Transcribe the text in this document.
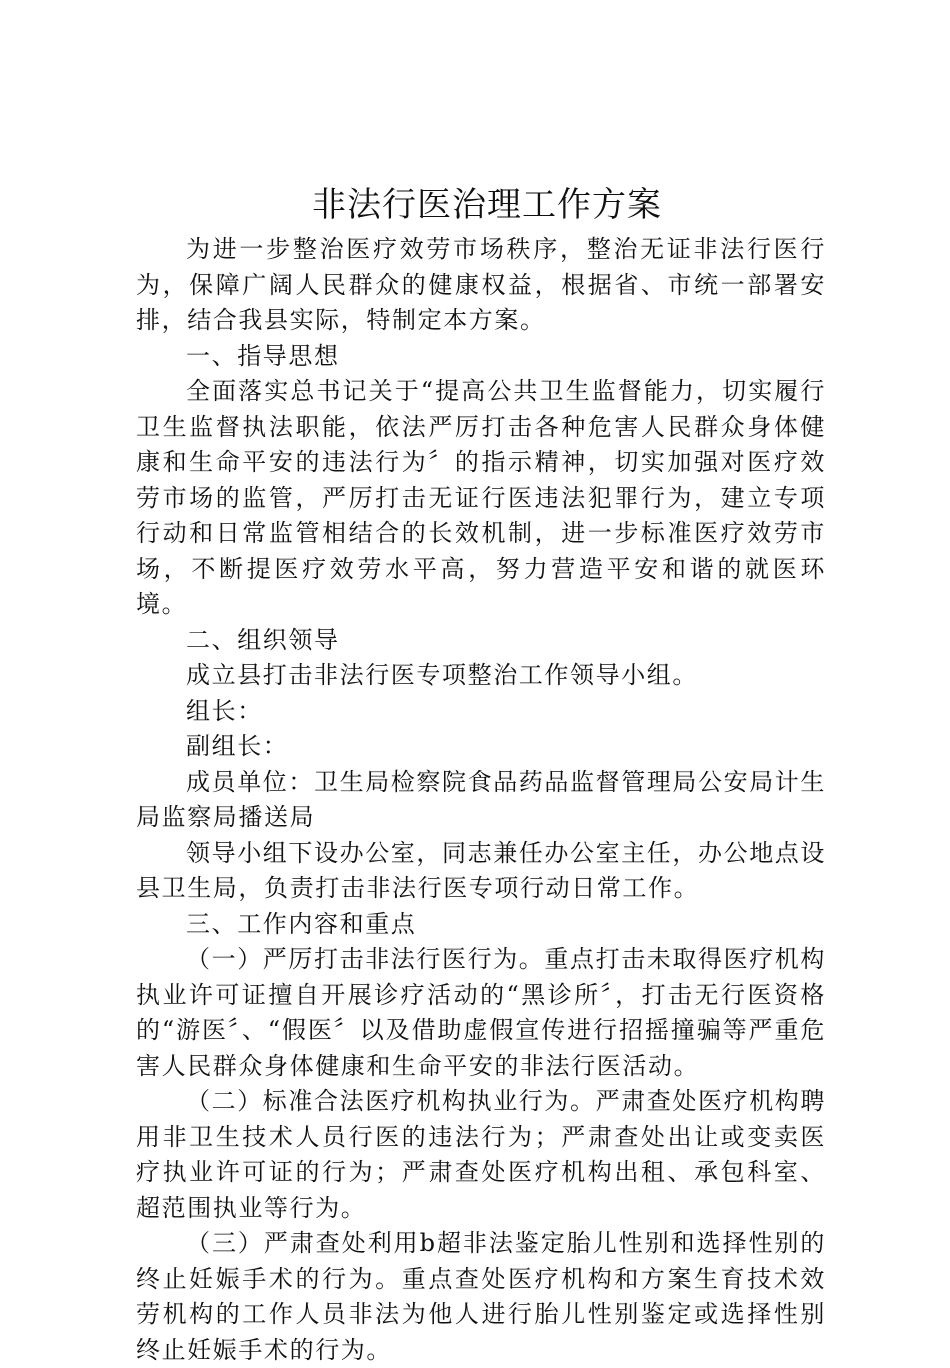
非法行医治理工作方案

为进一步整治医疗效劳市场秩序，整治无证非法行医行为，保障广阔人民群众的健康权益，根据省、市统一部署安排，结合我县实际，特制定本方案。

一、指导思想

全面落实总书记关于“提高公共卫生监督能力，切实履行卫生监督执法职能，依法严厉打击各种危害人民群众身体健康和生命平安的违法行为〞的指示精神，切实加强对医疗效劳市场的监管，严厉打击无证行医违法犯罪行为，建立专项行动和日常监管相结合的长效机制，进一步标准医疗效劳市场，不断提医疗效劳水平高，努力营造平安和谐的就医环境。

二、组织领导

成立县打击非法行医专项整治工作领导小组。

组长：

副组长：

成员单位：卫生局检察院食品药品监督管理局公安局计生局监察局播送局

领导小组下设办公室，同志兼任办公室主任，办公地点设县卫生局，负责打击非法行医专项行动日常工作。

三、工作内容和重点

（一）严厉打击非法行医行为。重点打击未取得医疗机构执业许可证擅自开展诊疗活动的“黑诊所〞，打击无行医资格的“游医〞、“假医〞以及借助虚假宣传进行招摇撞骗等严重危害人民群众身体健康和生命平安的非法行医活动。

（二）标准合法医疗机构执业行为。严肃查处医疗机构聘用非卫生技术人员行医的违法行为；严肃查处出让或变卖医疗执业许可证的行为；严肃查处医疗机构出租、承包科室、超范围执业等行为。

（三）严肃查处利用b超非法鉴定胎儿性别和选择性别的终止妊娠手术的行为。重点查处医疗机构和方案生育技术效劳机构的工作人员非法为他人进行胎儿性别鉴定或选择性别终止妊娠手术的行为。
